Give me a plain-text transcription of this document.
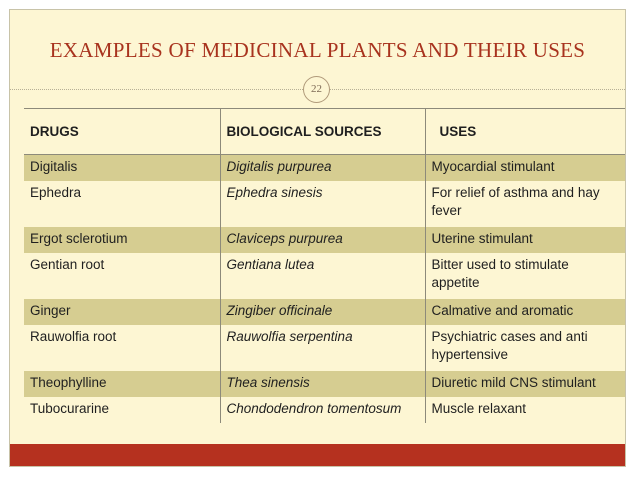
EXAMPLES OF MEDICINAL PLANTS AND THEIR USES
22
DRUGS	BIOLOGICAL SOURCES	USES
Digitalis	Digitalis purpurea	Myocardial stimulant
Ephedra	Ephedra sinesis	For relief of asthma and hay fever
Ergot sclerotium	Claviceps purpurea	Uterine stimulant
Gentian root	Gentiana lutea	Bitter used to stimulate appetite
Ginger	Zingiber officinale	Calmative and aromatic
Rauwolfia root	Rauwolfia serpentina	Psychiatric cases and anti hypertensive
Theophylline	Thea sinensis	Diuretic mild CNS stimulant
Tubocurarine	Chondodendron tomentosum	Muscle relaxant
